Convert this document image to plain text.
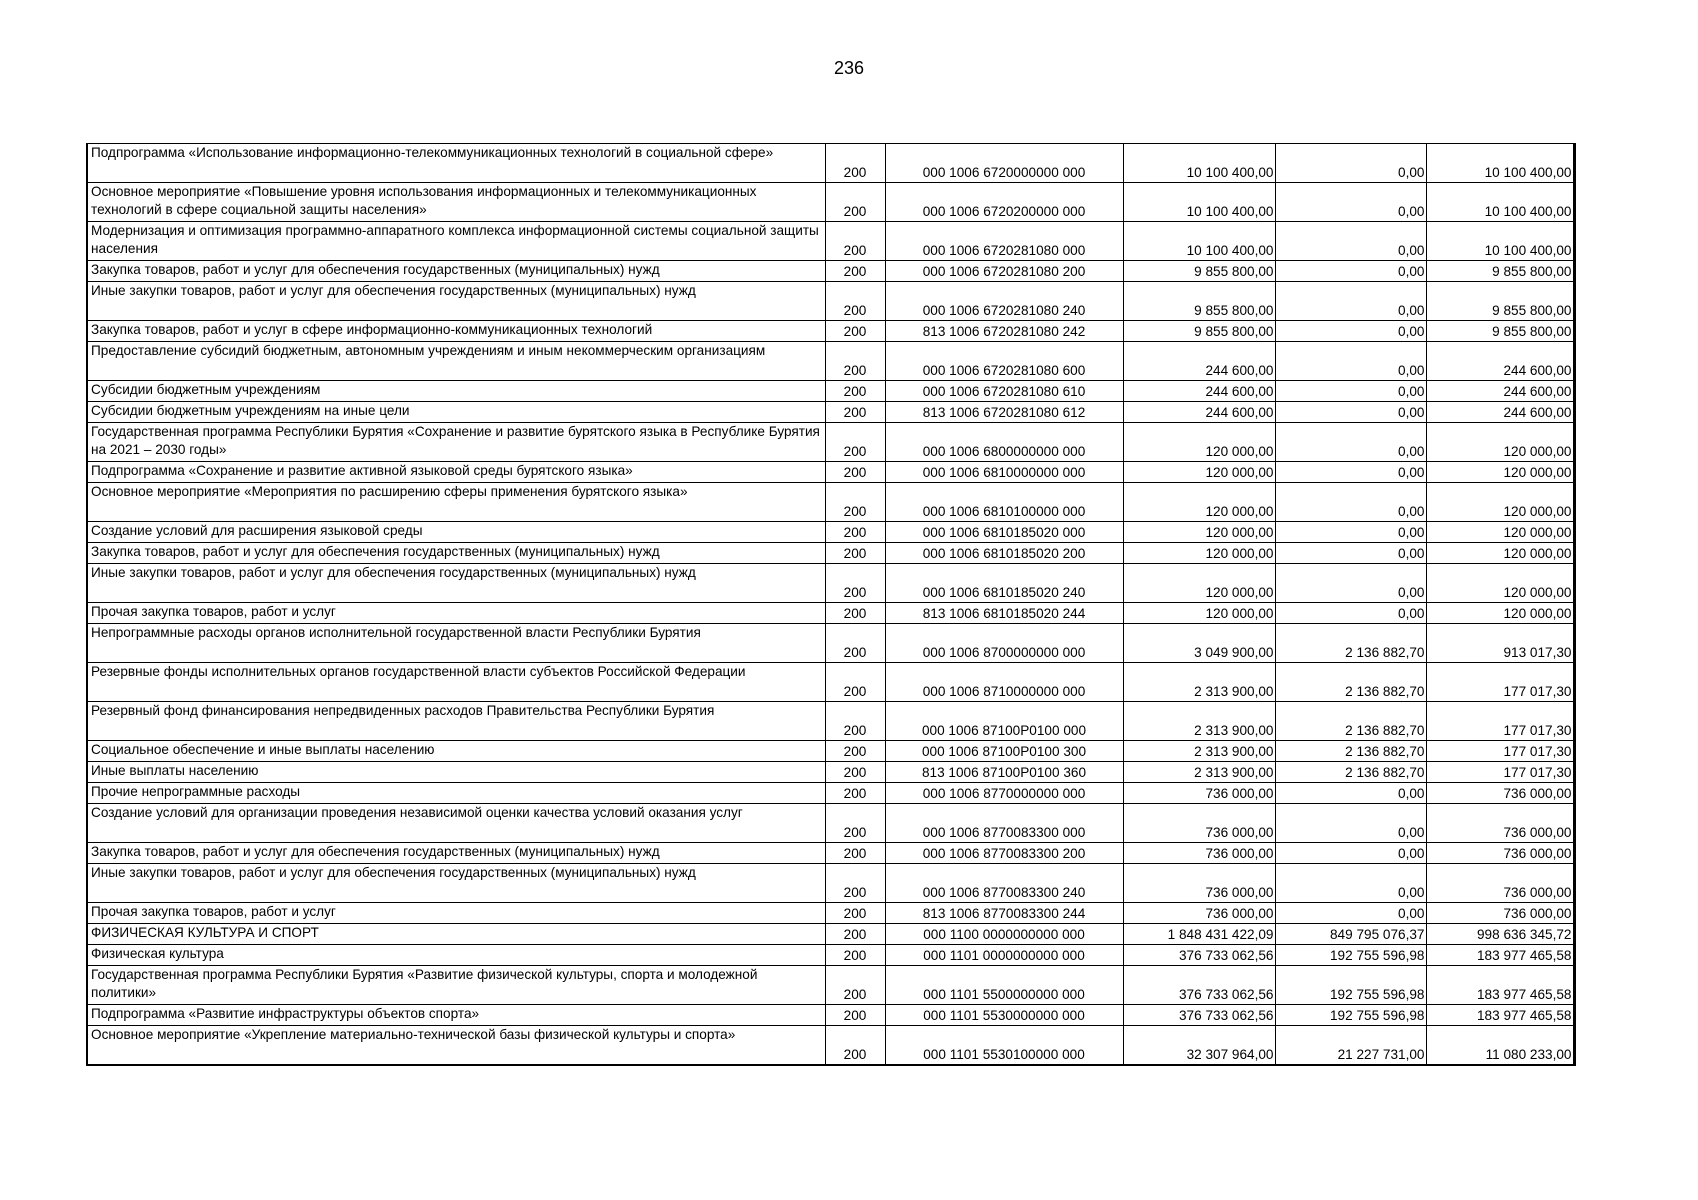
236
Подпрограмма «Использование информационно-телекоммуникационных технологий в социальной сфере»	200	000 1006 6720000000 000	10 100 400,00	0,00	10 100 400,00
Основное мероприятие «Повышение уровня использования информационных и телекоммуникационных технологий в сфере социальной защиты населения»	200	000 1006 6720200000 000	10 100 400,00	0,00	10 100 400,00
Модернизация и оптимизация программно-аппаратного комплекса информационной системы социальной защиты населения	200	000 1006 6720281080 000	10 100 400,00	0,00	10 100 400,00
Закупка товаров, работ и услуг для обеспечения государственных (муниципальных) нужд	200	000 1006 6720281080 200	9 855 800,00	0,00	9 855 800,00
Иные закупки товаров, работ и услуг для обеспечения государственных (муниципальных) нужд	200	000 1006 6720281080 240	9 855 800,00	0,00	9 855 800,00
Закупка товаров, работ и услуг в сфере информационно-коммуникационных технологий	200	813 1006 6720281080 242	9 855 800,00	0,00	9 855 800,00
Предоставление субсидий бюджетным, автономным учреждениям и иным некоммерческим организациям	200	000 1006 6720281080 600	244 600,00	0,00	244 600,00
Субсидии бюджетным учреждениям	200	000 1006 6720281080 610	244 600,00	0,00	244 600,00
Субсидии бюджетным учреждениям на иные цели	200	813 1006 6720281080 612	244 600,00	0,00	244 600,00
Государственная программа Республики Бурятия «Сохранение и развитие бурятского языка в Республике Бурятия на 2021 – 2030 годы»	200	000 1006 6800000000 000	120 000,00	0,00	120 000,00
Подпрограмма «Сохранение и развитие активной языковой среды бурятского языка»	200	000 1006 6810000000 000	120 000,00	0,00	120 000,00
Основное мероприятие «Мероприятия по расширению сферы применения бурятского языка»	200	000 1006 6810100000 000	120 000,00	0,00	120 000,00
Создание условий для расширения языковой среды	200	000 1006 6810185020 000	120 000,00	0,00	120 000,00
Закупка товаров, работ и услуг для обеспечения государственных (муниципальных) нужд	200	000 1006 6810185020 200	120 000,00	0,00	120 000,00
Иные закупки товаров, работ и услуг для обеспечения государственных (муниципальных) нужд	200	000 1006 6810185020 240	120 000,00	0,00	120 000,00
Прочая закупка товаров, работ и услуг	200	813 1006 6810185020 244	120 000,00	0,00	120 000,00
Непрограммные расходы органов исполнительной государственной власти Республики Бурятия	200	000 1006 8700000000 000	3 049 900,00	2 136 882,70	913 017,30
Резервные фонды исполнительных органов государственной власти субъектов Российской Федерации	200	000 1006 8710000000 000	2 313 900,00	2 136 882,70	177 017,30
Резервный фонд финансирования непредвиденных расходов Правительства Республики Бурятия	200	000 1006 87100P0100 000	2 313 900,00	2 136 882,70	177 017,30
Социальное обеспечение и иные выплаты населению	200	000 1006 87100P0100 300	2 313 900,00	2 136 882,70	177 017,30
Иные выплаты населению	200	813 1006 87100P0100 360	2 313 900,00	2 136 882,70	177 017,30
Прочие непрограммные расходы	200	000 1006 8770000000 000	736 000,00	0,00	736 000,00
Создание условий для организации проведения независимой оценки качества условий оказания услуг	200	000 1006 8770083300 000	736 000,00	0,00	736 000,00
Закупка товаров, работ и услуг для обеспечения государственных (муниципальных) нужд	200	000 1006 8770083300 200	736 000,00	0,00	736 000,00
Иные закупки товаров, работ и услуг для обеспечения государственных (муниципальных) нужд	200	000 1006 8770083300 240	736 000,00	0,00	736 000,00
Прочая закупка товаров, работ и услуг	200	813 1006 8770083300 244	736 000,00	0,00	736 000,00
ФИЗИЧЕСКАЯ КУЛЬТУРА И СПОРТ	200	000 1100 0000000000 000	1 848 431 422,09	849 795 076,37	998 636 345,72
Физическая культура	200	000 1101 0000000000 000	376 733 062,56	192 755 596,98	183 977 465,58
Государственная программа Республики Бурятия «Развитие физической культуры, спорта и молодежной политики»	200	000 1101 5500000000 000	376 733 062,56	192 755 596,98	183 977 465,58
Подпрограмма «Развитие инфраструктуры объектов спорта»	200	000 1101 5530000000 000	376 733 062,56	192 755 596,98	183 977 465,58
Основное мероприятие «Укрепление материально-технической базы физической культуры и спорта»	200	000 1101 5530100000 000	32 307 964,00	21 227 731,00	11 080 233,00
